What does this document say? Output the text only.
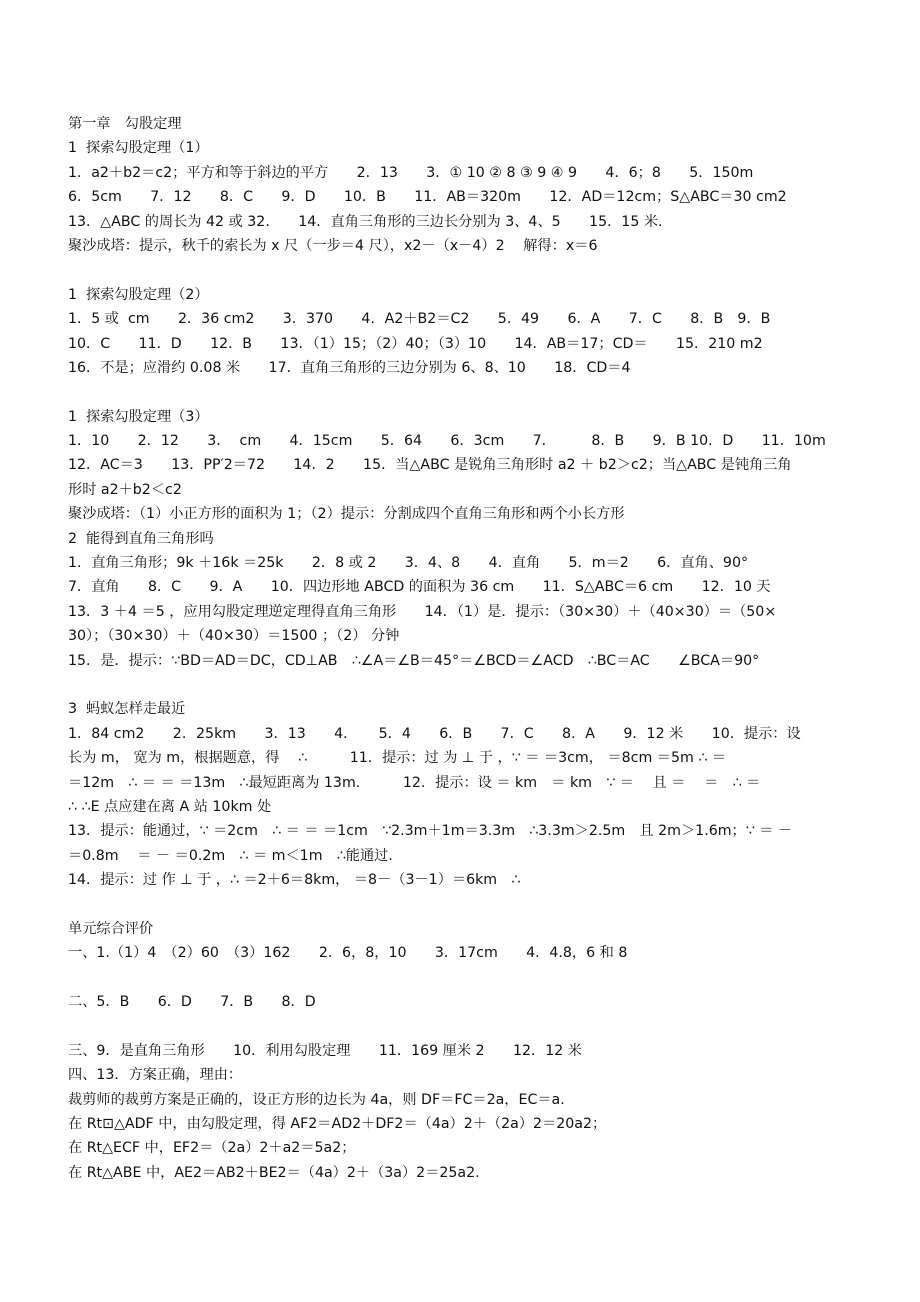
第一章　勾股定理
1  探索勾股定理（1）
1．a2＋b2＝c2；平方和等于斜边的平方　　2．13　　3．① 10 ② 8 ③ 9 ④ 9　　4．6；8　　5．150m
6．5cm　　7．12　　8．C　　9．D　　10．B　　11．AB＝320m　　12．AD＝12cm；S△ABC＝30 cm2
13．△ABC 的周长为 42 或 32.　　14．直角三角形的三边长分别为 3、4、5　　15．15 米.
聚沙成塔：提示，秋千的索长为 x 尺（一步＝4 尺），x2－（x－4）2　 解得：x＝6
1  探索勾股定理（2）
1．5 或  cm　　2．36 cm2　　3．370　　4．A2＋B2＝C2　　5．49　　6．A　　7．C　　8．B　9．B
10．C　　11．D　　12．B　　13．（1）15；（2）40；（3）10　　14．AB＝17；CD＝　　15．210 m2
16．不是；应滑约 0.08 米　　17．直角三角形的三边分别为 6、8、10　　18．CD＝4
1  探索勾股定理（3）
1．10　　2．12　　3．  cm　　4．15cm　　5．64　　6．3cm　　7．　　　8．B　　9．B 10．D　　11．10m
12．AC＝3　　13．PP′2＝72　　14．2　　15．当△ABC 是锐角三角形时 a2 ＋ b2＞c2；当△ABC 是钝角三角
形时 a2＋b2＜c2
聚沙成塔：（1）小正方形的面积为 1；（2）提示：分割成四个直角三角形和两个小长方形
2  能得到直角三角形吗
1．直角三角形；9k ＋16k ＝25k　　2．8 或 2　　3．4、8　　4．直角　　5．m＝2　　6．直角、90°
7．直角　　8．C　　9．A　　10．四边形地 ABCD 的面积为 36 cm　　11．S△ABC＝6 cm　　12．10 天
13．3 ＋4 ＝5 ，应用勾股定理逆定理得直角三角形　　14．（1）是．提示：（30×30）＋（40×30）＝（50×
30）；（30×30）＋（40×30）＝1500 ；（2） 分钟
15．是．提示：∵BD＝AD＝DC，CD⊥AB　∴∠A＝∠B＝45°＝∠BCD＝∠ACD　∴BC＝AC　　∠BCA＝90°
3  蚂蚁怎样走最近
1．84 cm2　　2．25km　　3．13　　4．　　5．4　　6．B　　7．C　　8．A　　9．12 米　　10．提示：设
长为 m， 宽为 m，根据题意，得　 ∴　　　11．提示：过 为 ⊥ 于 ，∵ ＝ ＝3cm， ＝8cm ＝5m ∴ ＝
＝12m　∴ ＝ ＝ ＝13m　∴最短距离为 13m.　　　12．提示：设 ＝ km　＝ km　∵ ＝　 且 ＝　 ＝　∴ ＝
∴ ∴E 点应建在离 A 站 10km 处
13．提示：能通过，∵ ＝2cm　∴ ＝ ＝ ＝1cm　∵2.3m＋1m＝3.3m　∴3.3m＞2.5m　且 2m＞1.6m；∵ ＝ －
＝0.8m　 ＝ － ＝0.2m　∴ ＝ m＜1m　∴能通过.
14．提示：过 作 ⊥ 于 ，∴ ＝2＋6＝8km， ＝8－（3－1）＝6km　∴
单元综合评价
一、1.（1）4　（2）60　（3）162　　2．6，8，10　　3．17cm　　4．4.8，6 和 8
二、5．B　　6．D　　7．B　　8．D
三、9．是直角三角形　　10．利用勾股定理　　11．169 厘米 2　　12．12 米
四、13．方案正确，理由：
裁剪师的裁剪方案是正确的，设正方形的边长为 4a，则 DF＝FC＝2a，EC＝a.
在 Rt⊡△ADF 中，由勾股定理，得 AF2＝AD2＋DF2＝（4a）2＋（2a）2＝20a2；
在 Rt△ECF 中，EF2＝（2a）2＋a2＝5a2；
在 Rt△ABE 中，AE2＝AB2＋BE2＝（4a）2＋（3a）2＝25a2.
